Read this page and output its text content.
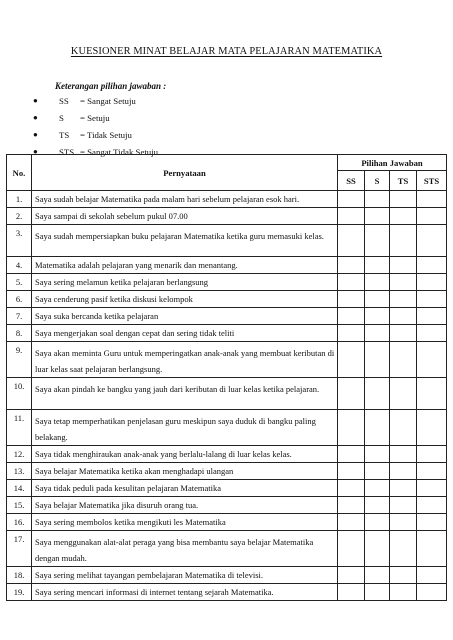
KUESIONER MINAT BELAJAR MATA PELAJARAN MATEMATIKA
Keterangan pilihan jawaban :
● SS = Sangat Setuju
● S = Setuju
● TS = Tidak Setuju
● STS = Sangat Tidak Setuju
No.	Pernyataan	Pilihan Jawaban			
		SS	S	TS	STS
1.	Saya sudah belajar Matematika pada malam hari sebelum pelajaran esok hari.				
2.	Saya sampai di sekolah sebelum pukul 07.00				
3.	Saya sudah mempersiapkan buku pelajaran Matematika ketika guru memasuki kelas.				
4.	Matematika adalah pelajaran yang menarik dan menantang.				
5.	Saya sering melamun ketika pelajaran berlangsung				
6.	Saya cenderung pasif ketika diskusi kelompok				
7.	Saya suka bercanda ketika pelajaran				
8.	Saya mengerjakan soal dengan cepat dan sering tidak teliti				
9.	Saya akan meminta Guru untuk memperingatkan anak-anak yang membuat keributan di luar kelas saat pelajaran berlangsung.				
10.	Saya akan pindah ke bangku yang jauh dari keributan di luar kelas ketika pelajaran.				
11.	Saya tetap memperhatikan penjelasan guru meskipun saya duduk di bangku paling belakang.				
12.	Saya tidak menghiraukan anak-anak yang berlalu-lalang di luar kelas kelas.				
13.	Saya belajar Matematika ketika akan menghadapi ulangan				
14.	Saya tidak peduli pada kesulitan pelajaran Matematika				
15.	Saya belajar Matematika jika disuruh orang tua.				
16.	Saya sering membolos ketika mengikuti les Matematika				
17.	Saya menggunakan alat-alat peraga yang bisa membantu saya belajar Matematika dengan mudah.				
18.	Saya sering melihat tayangan pembelajaran Matematika di televisi.				
19.	Saya sering mencari informasi di internet tentang sejarah Matematika.				
